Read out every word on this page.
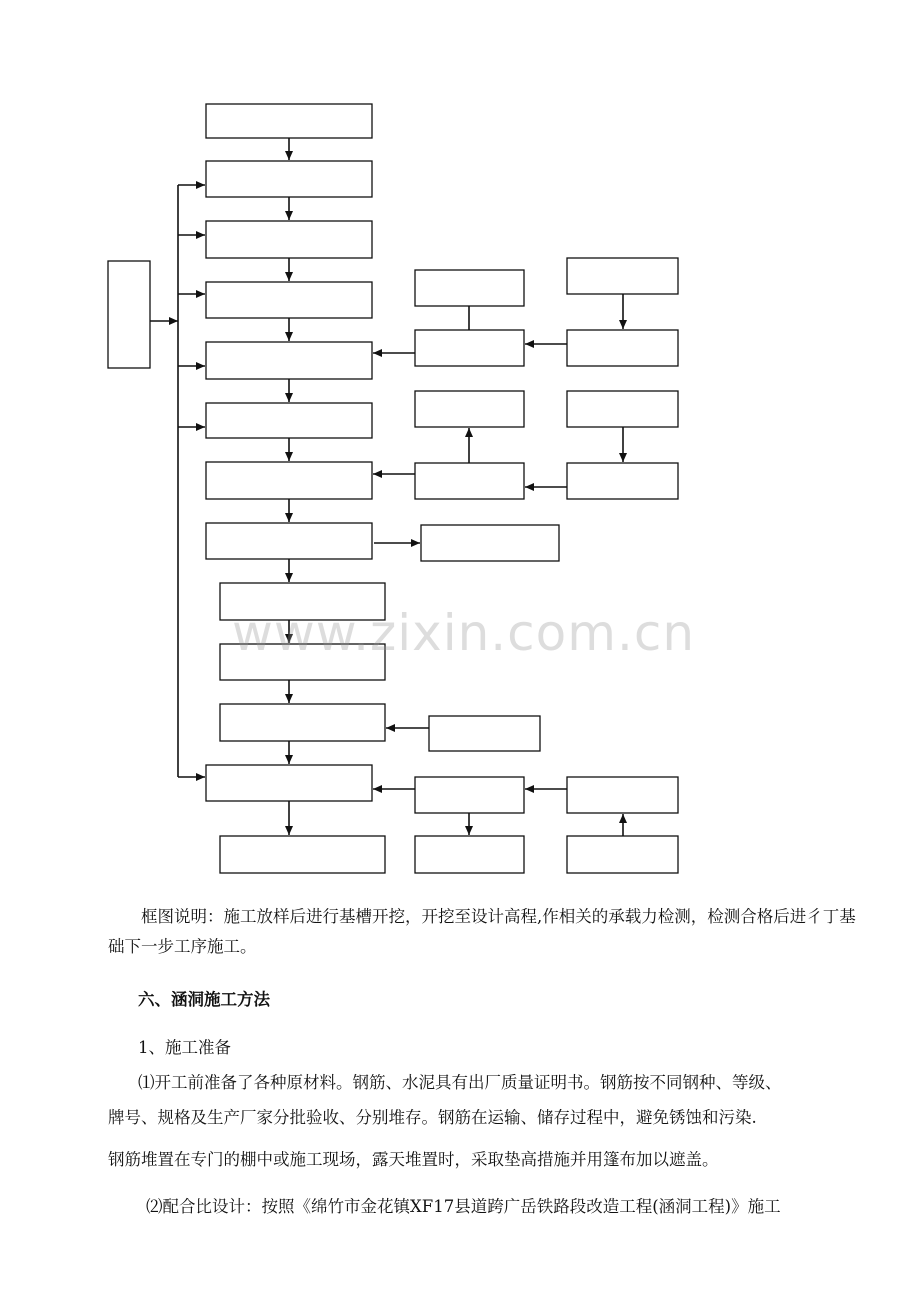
www.zixin.com.cn

框图说明：施工放样后进行基槽开挖，开挖至设计高程,作相关的承载力检测，检测合格后进彳丁基础下一步工序施工。

六、涵洞施工方法

1、施工准备

⑴开工前准备了各种原材料。钢筋、水泥具有出厂质量证明书。钢筋按不同钢种、等级、

牌号、规格及生产厂家分批验收、分别堆存。钢筋在运输、储存过程中，避免锈蚀和污染.

钢筋堆置在专门的棚中或施工现场，露天堆置时，采取垫高措施并用篷布加以遮盖。

⑵配合比设计：按照《绵竹市金花镇XF17县道跨广岳铁路段改造工程(涵洞工程)》施工
